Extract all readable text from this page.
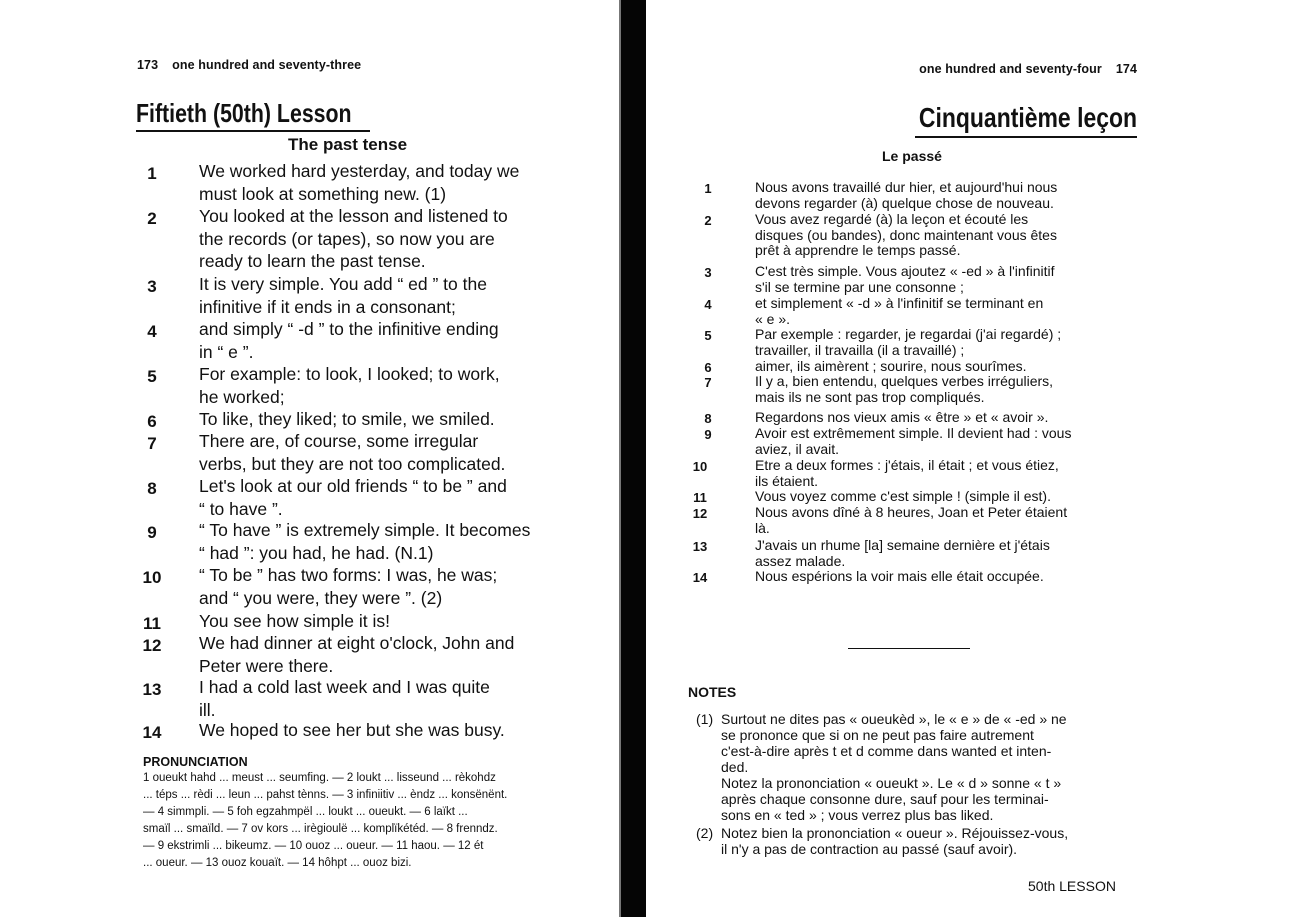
173 one hundred and seventy-three
Fiftieth (50th) Lesson
The past tense
1	We worked hard yesterday, and today we
must look at something new. (1)
2	You looked at the lesson and listened to
the records (or tapes), so now you are
ready to learn the past tense.
3	It is very simple. You add “ ed ” to the
infinitive if it ends in a consonant;
4	and simply “ -d ” to the infinitive ending
in “ e ”.
5	For example: to look, I looked; to work,
he worked;
6	To like, they liked; to smile, we smiled.
7	There are, of course, some irregular
verbs, but they are not too complicated.
8	Let's look at our old friends “ to be ” and
“ to have ”.
9	“ To have ” is extremely simple. It becomes
“ had ”: you had, he had. (N.1)
10 “ To be ” has two forms: I was, he was;
and “ you were, they were ”. (2)
11 You see how simple it is!
12 We had dinner at eight o'clock, John and
Peter were there.
13 I had a cold last week and I was quite
ill.
14 We hoped to see her but she was busy.
PRONUNCIATION
1 oueukt hahd ... meust ... seumfing. — 2 loukt ... lisseund ... rèkohdz
... téps ... rèdi ... leun ... pahst tènns. — 3 infiniitiv ... èndz ... konsënënt.
— 4 simmpli. — 5 foh egzahmpël ... loukt ... oueukt. — 6 laïkt ...
smaïl ... smaïld. — 7 ov kors ... irègioulë ... komplïkétéd. — 8 frenndz.
— 9 ekstrimli ... bikeumz. — 10 ouoz ... oueur. — 11 haou. — 12 ét
... oueur. — 13 ouoz kouaït. — 14 hôhpt ... ouoz bizi.
one hundred and seventy-four 174
Cinquantième leçon
Le passé
1	Nous avons travaillé dur hier, et aujourd'hui nous
devons regarder (à) quelque chose de nouveau.
2	Vous avez regardé (à) la leçon et écouté les
disques (ou bandes), donc maintenant vous êtes
prêt à apprendre le temps passé.
3	C'est très simple. Vous ajoutez « -ed » à l'infinitif
s'il se termine par une consonne ;
4	et simplement « -d » à l'infinitif se terminant en
« e ».
5	Par exemple : regarder, je regardai (j'ai regardé) ;
travailler, il travailla (il a travaillé) ;
6	aimer, ils aimèrent ; sourire, nous sourîmes.
7	Il y a, bien entendu, quelques verbes irréguliers,
mais ils ne sont pas trop compliqués.
8	Regardons nos vieux amis « être » et « avoir ».
9	Avoir est extrêmement simple. Il devient had : vous
aviez, il avait.
10	Etre a deux formes : j'étais, il était ; et vous étiez,
ils étaient.
11	Vous voyez comme c'est simple ! (simple il est).
12	Nous avons dîné à 8 heures, Joan et Peter étaient
là.
13	J'avais un rhume [la] semaine dernière et j'étais
assez malade.
14	Nous espérions la voir mais elle était occupée.
NOTES
(1) Surtout ne dites pas « oueukèd », le « e » de « -ed » ne
se prononce que si on ne peut pas faire autrement
c'est-à-dire après t et d comme dans wanted et inten-
ded.
Notez la prononciation « oueukt ». Le « d » sonne « t »
après chaque consonne dure, sauf pour les terminai-
sons en « ted » ; vous verrez plus bas liked.
(2) Notez bien la prononciation « oueur ». Réjouissez-vous,
il n'y a pas de contraction au passé (sauf avoir).
50th LESSON
